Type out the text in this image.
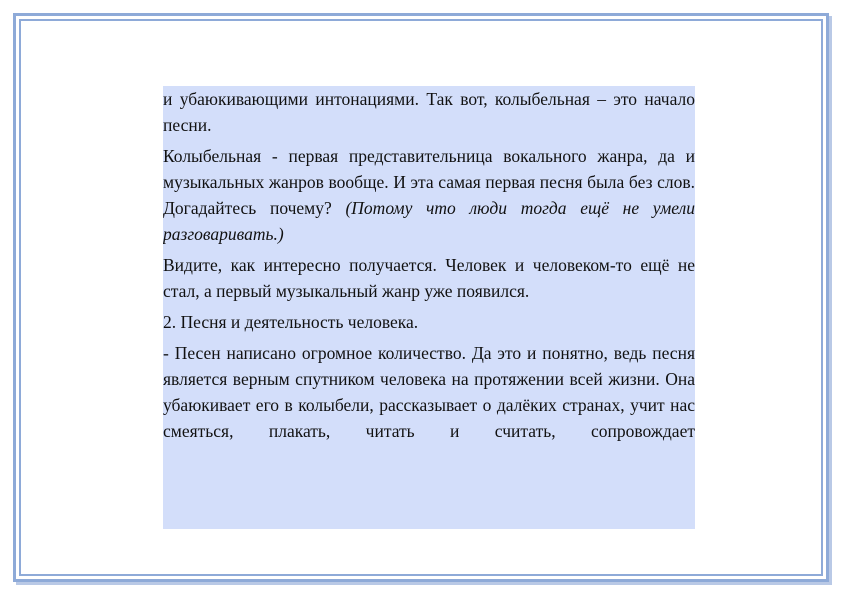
и убаюкивающими интонациями. Так вот, колыбельная – это начало песни.

Колыбельная - первая представительница вокального жанра, да и музыкальных жанров вообще. И эта самая первая песня была без слов. Догадайтесь почему? (Потому что люди тогда ещё не умели разговаривать.)

Видите, как интересно получается. Человек и человеком-то ещё не стал, а первый музыкальный жанр уже появился.

2. Песня и деятельность человека.

- Песен написано огромное количество. Да это и понятно, ведь песня является верным спутником человека на протяжении всей жизни. Она убаюкивает его в колыбели, рассказывает о далёких странах, учит нас смеяться, плакать, читать и считать, сопровождает
